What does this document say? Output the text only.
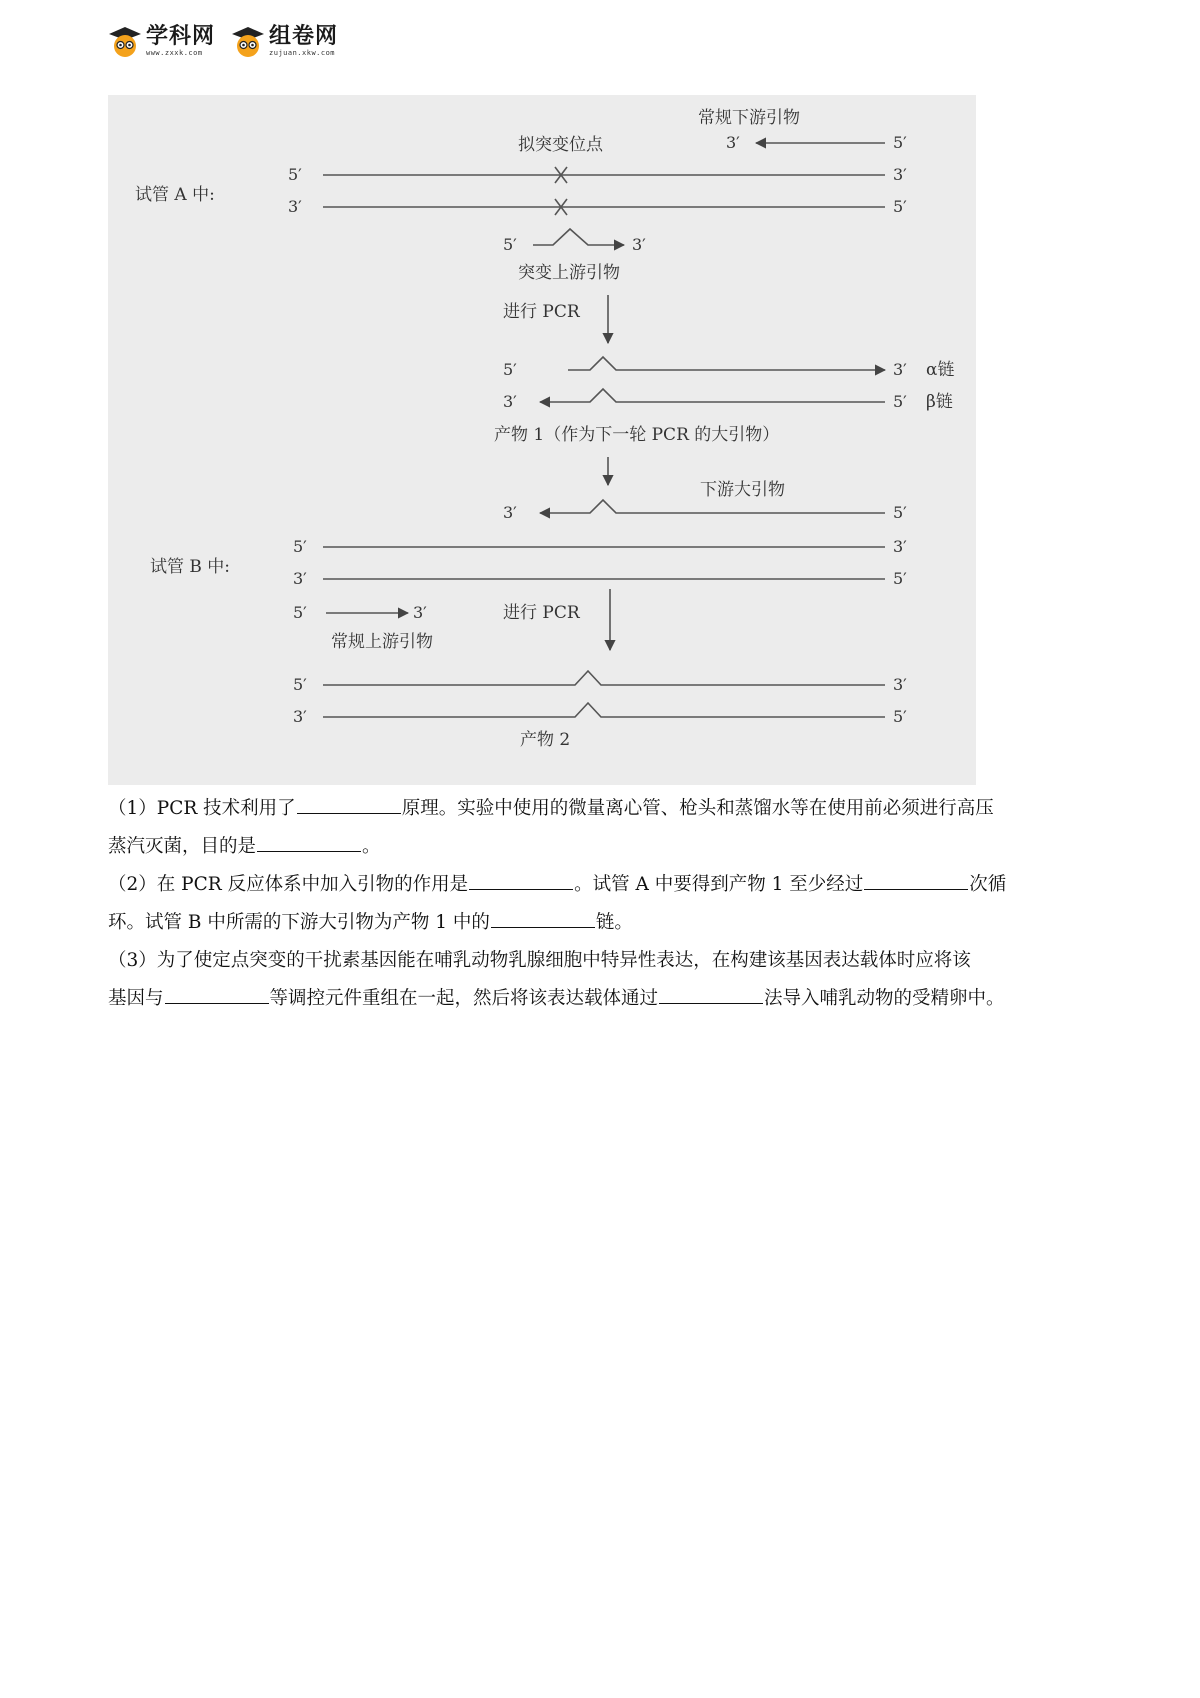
学科网
www.zxxk.com
组卷网
zujuan.xkw.com
试管 A 中:
拟突变位点
常规下游引物
3′	5′
5′	3′
3′	5′
5′	3′
突变上游引物
进行 PCR
5′	3′ α链
3′	5′ β链
产物 1（作为下一轮 PCR 的大引物）
下游大引物
3′	5′
试管 B 中:
5′	3′
3′	5′
5′	3′
常规上游引物
进行 PCR
5′	3′
3′	5′
产物 2
（1）PCR 技术利用了	原理。实验中使用的微量离心管、枪头和蒸馏水等在使用前必须进行高压
蒸汽灭菌，目的是	。
（2）在 PCR 反应体系中加入引物的作用是	。试管 A 中要得到产物 1 至少经过	次循
环。试管 B 中所需的下游大引物为产物 1 中的	链。
（3）为了使定点突变的干扰素基因能在哺乳动物乳腺细胞中特异性表达，在构建该基因表达载体时应将该
基因与	等调控元件重组在一起，然后将该表达载体通过	法导入哺乳动物的受精卵中。
